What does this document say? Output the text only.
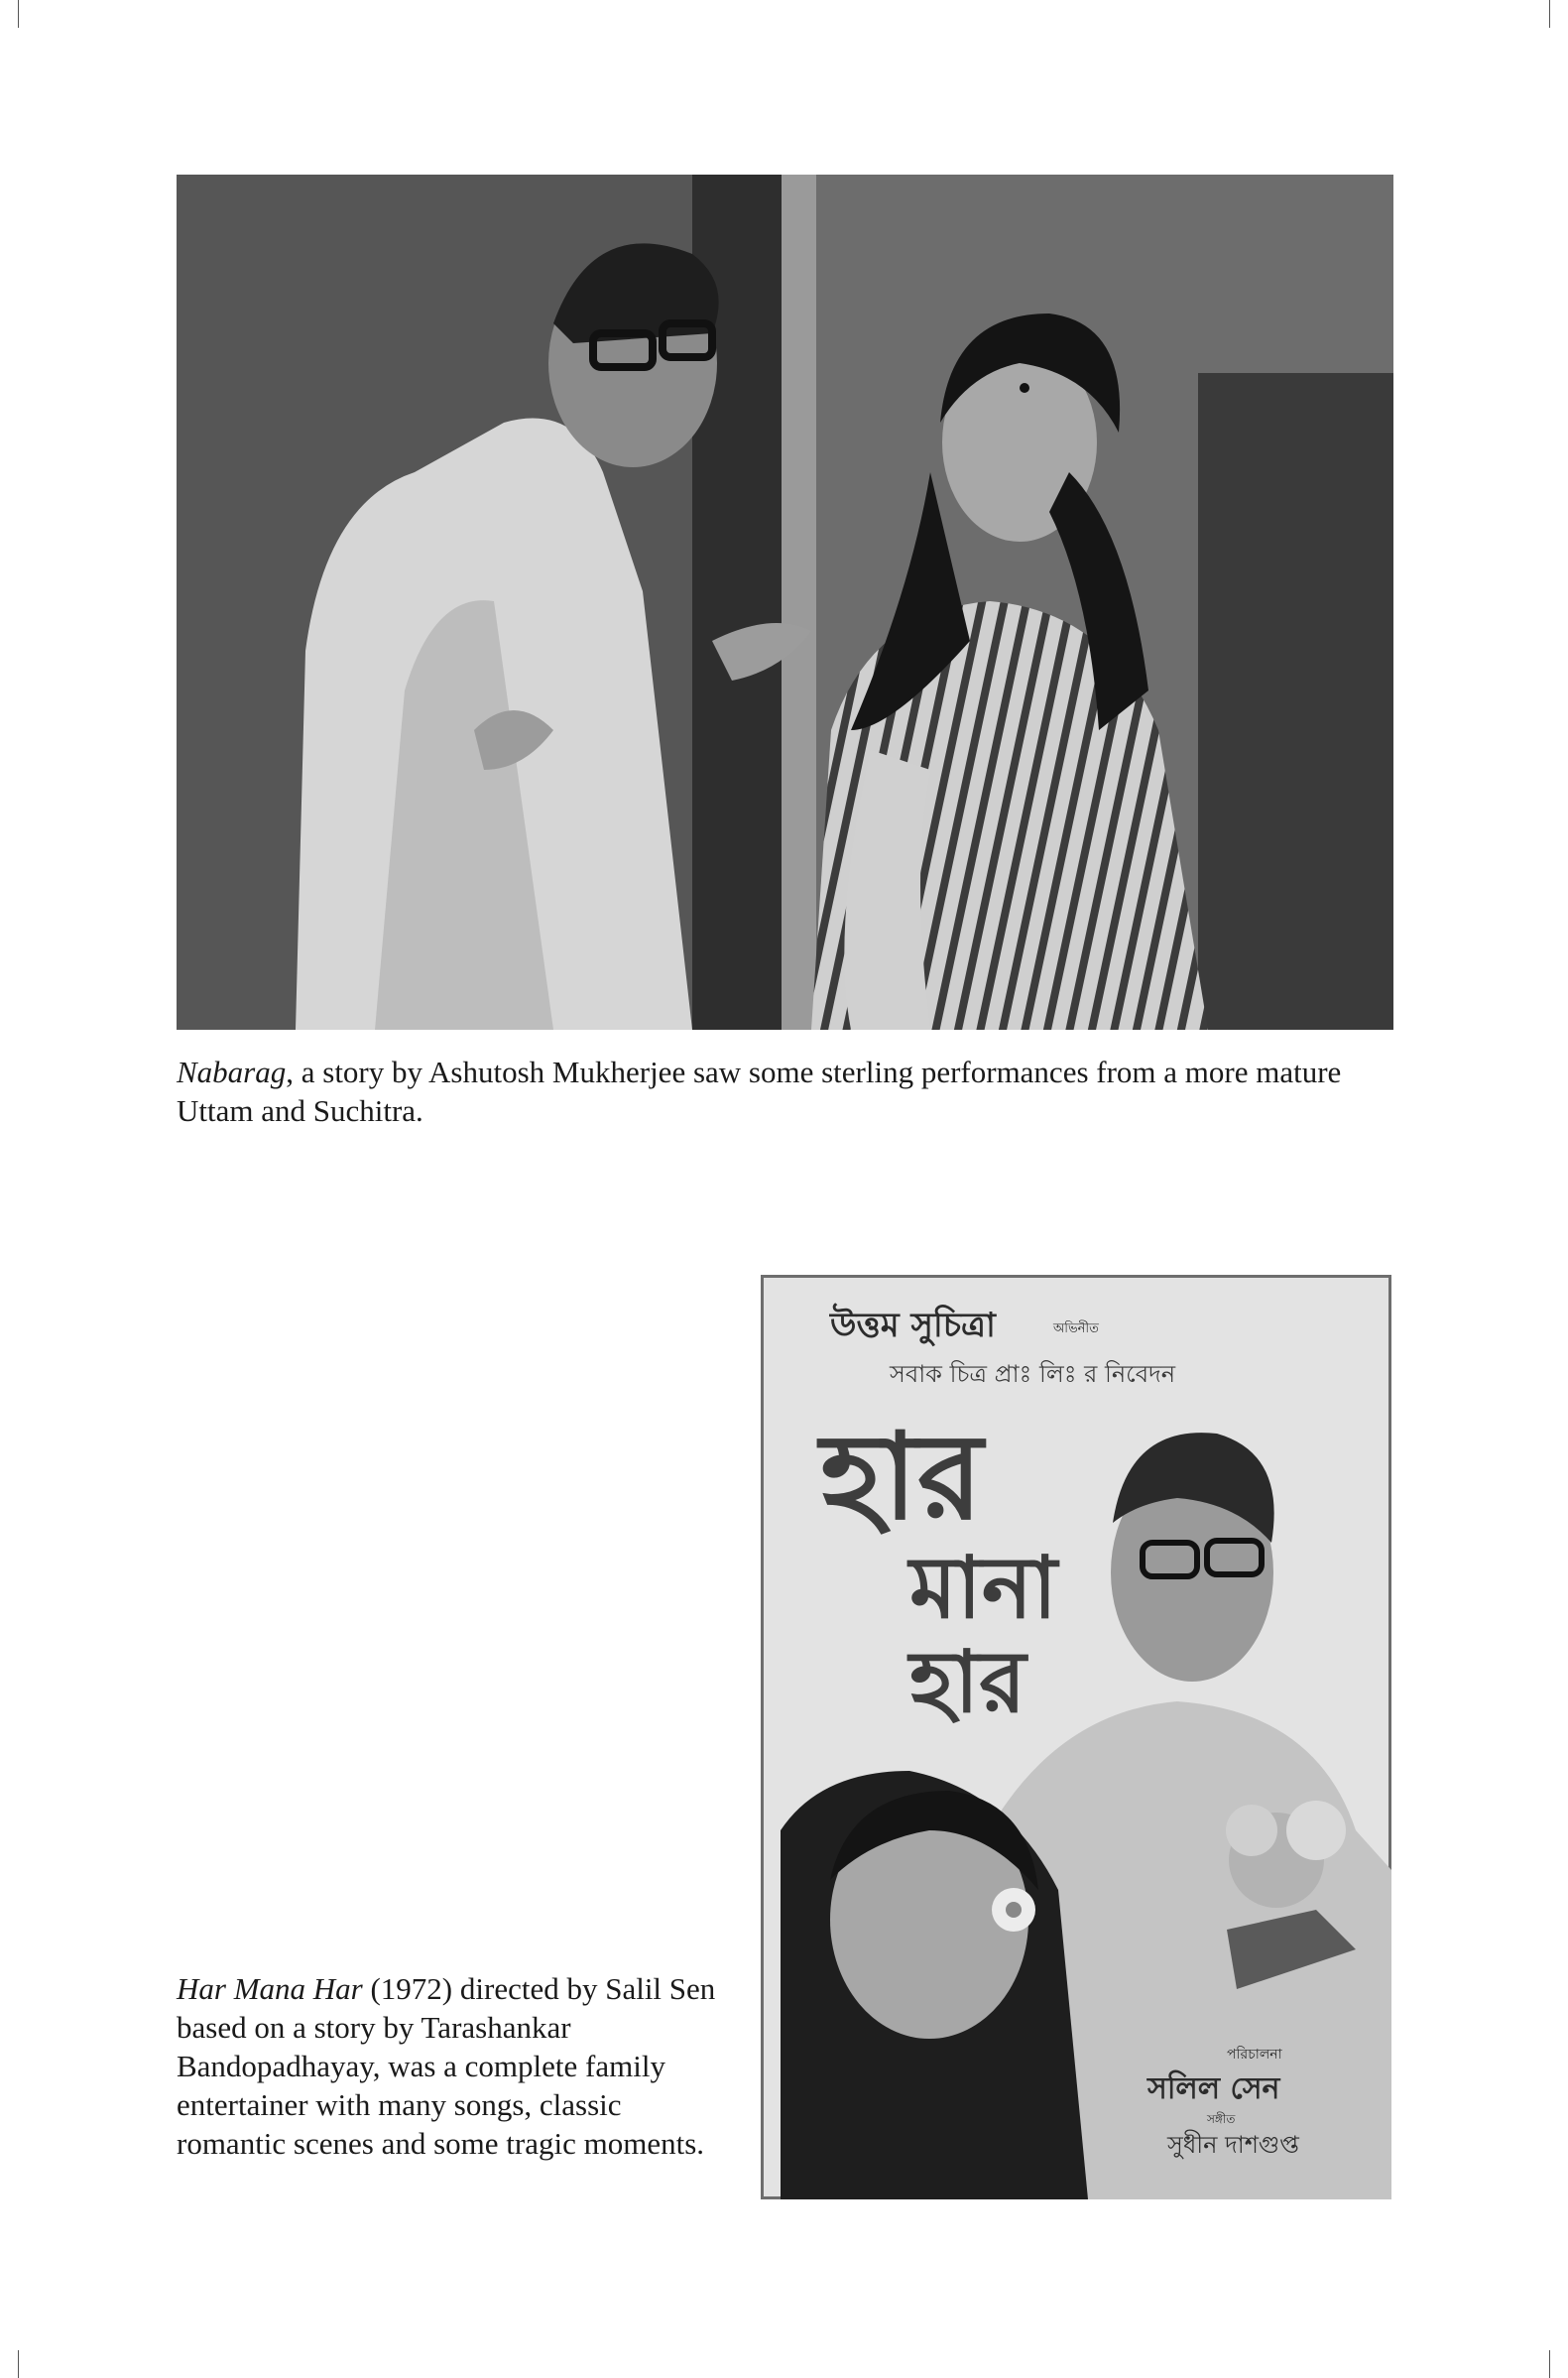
Nabarag, a story by Ashutosh Mukherjee saw some sterling performances from a more mature Uttam and Suchitra.

উত্তম সুচিত্রা	অভিনীত
সবাক চিত্র প্রাঃ লিঃ র নিবেদন
হার
মানা
হার
পরিচালনা
সলিল সেন
সঙ্গীত
সুধীন দাশগুপ্ত

Har Mana Har (1972) directed by Salil Sen based on a story by Tarashankar Bandopadhayay, was a complete family entertainer with many songs, classic romantic scenes and some tragic moments.
